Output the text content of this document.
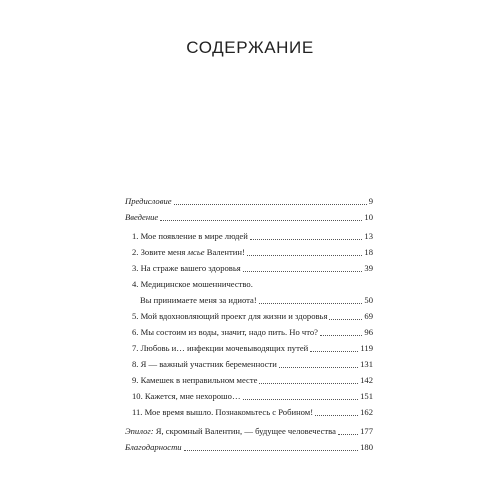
СОДЕРЖАНИЕ
Предисловие	9
Введение	10
1. Мое появление в мире людей	13
2. Зовите меня мсье Валентин!	18
3. На страже вашего здоровья	39
4. Медицинское мошенничество.
Вы принимаете меня за идиота!	50
5. Мой вдохновляющий проект для жизни и здоровья	69
6. Мы состоим из воды, значит, надо пить. Но что?	96
7. Любовь и… инфекции мочевыводящих путей	119
8. Я — важный участник беременности	131
9. Камешек в неправильном месте	142
10. Кажется, мне нехорошо…	151
11. Мое время вышло. Познакомьтесь с Робином!	162
Эпилог: Я, скромный Валентин, — будущее человечества	177
Благодарности	180
